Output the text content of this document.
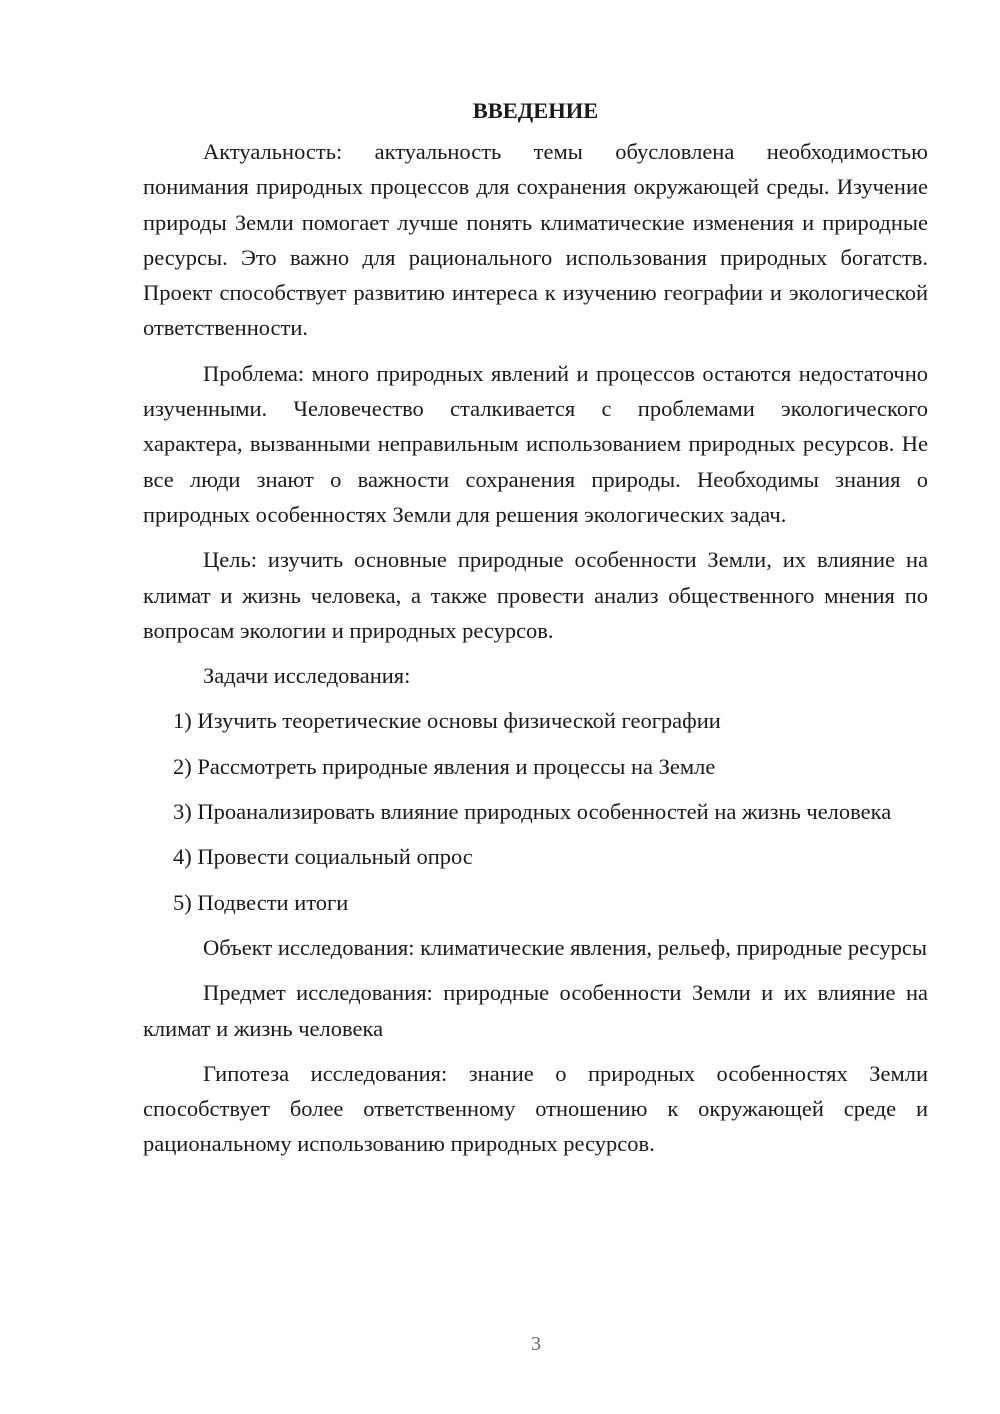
ВВЕДЕНИЕ

Актуальность: актуальность темы обусловлена необходимостью понимания природных процессов для сохранения окружающей среды. Изучение природы Земли помогает лучше понять климатические изменения и природные ресурсы. Это важно для рационального использования природных богатств. Проект способствует развитию интереса к изучению географии и экологической ответственности.

Проблема: много природных явлений и процессов остаются недостаточно изученными. Человечество сталкивается с проблемами экологического характера, вызванными неправильным использованием природных ресурсов. Не все люди знают о важности сохранения природы. Необходимы знания о природных особенностях Земли для решения экологических задач.

Цель: изучить основные природные особенности Земли, их влияние на климат и жизнь человека, а также провести анализ общественного мнения по вопросам экологии и природных ресурсов.

Задачи исследования:

1) Изучить теоретические основы физической географии

2) Рассмотреть природные явления и процессы на Земле

3) Проанализировать влияние природных особенностей на жизнь человека

4) Провести социальный опрос

5) Подвести итоги

Объект исследования: климатические явления, рельеф, природные ресурсы

Предмет исследования: природные особенности Земли и их влияние на климат и жизнь человека

Гипотеза исследования: знание о природных особенностях Земли способствует более ответственному отношению к окружающей среде и рациональному использованию природных ресурсов.

3
